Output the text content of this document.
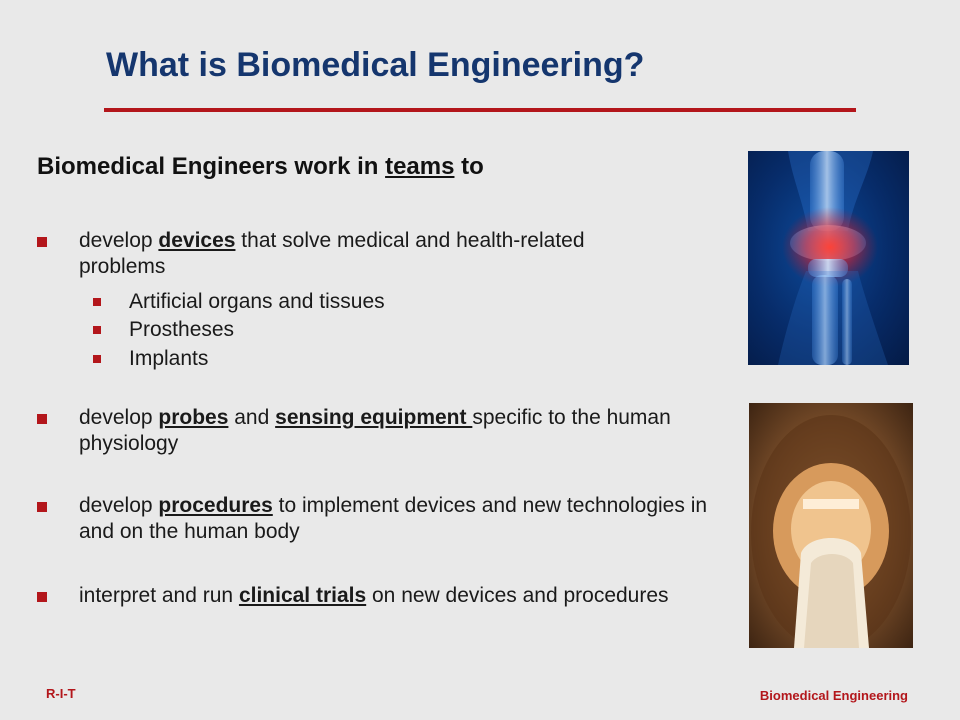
What is Biomedical Engineering?
Biomedical Engineers work in teams to
develop devices that solve medical and health-related problems
Artificial organs and tissues
Prostheses
Implants
develop probes and sensing equipment specific to the human physiology
develop procedures to implement devices and new technologies in and on the human body
interpret and run clinical trials on new devices and procedures
R-I-T	Biomedical Engineering
